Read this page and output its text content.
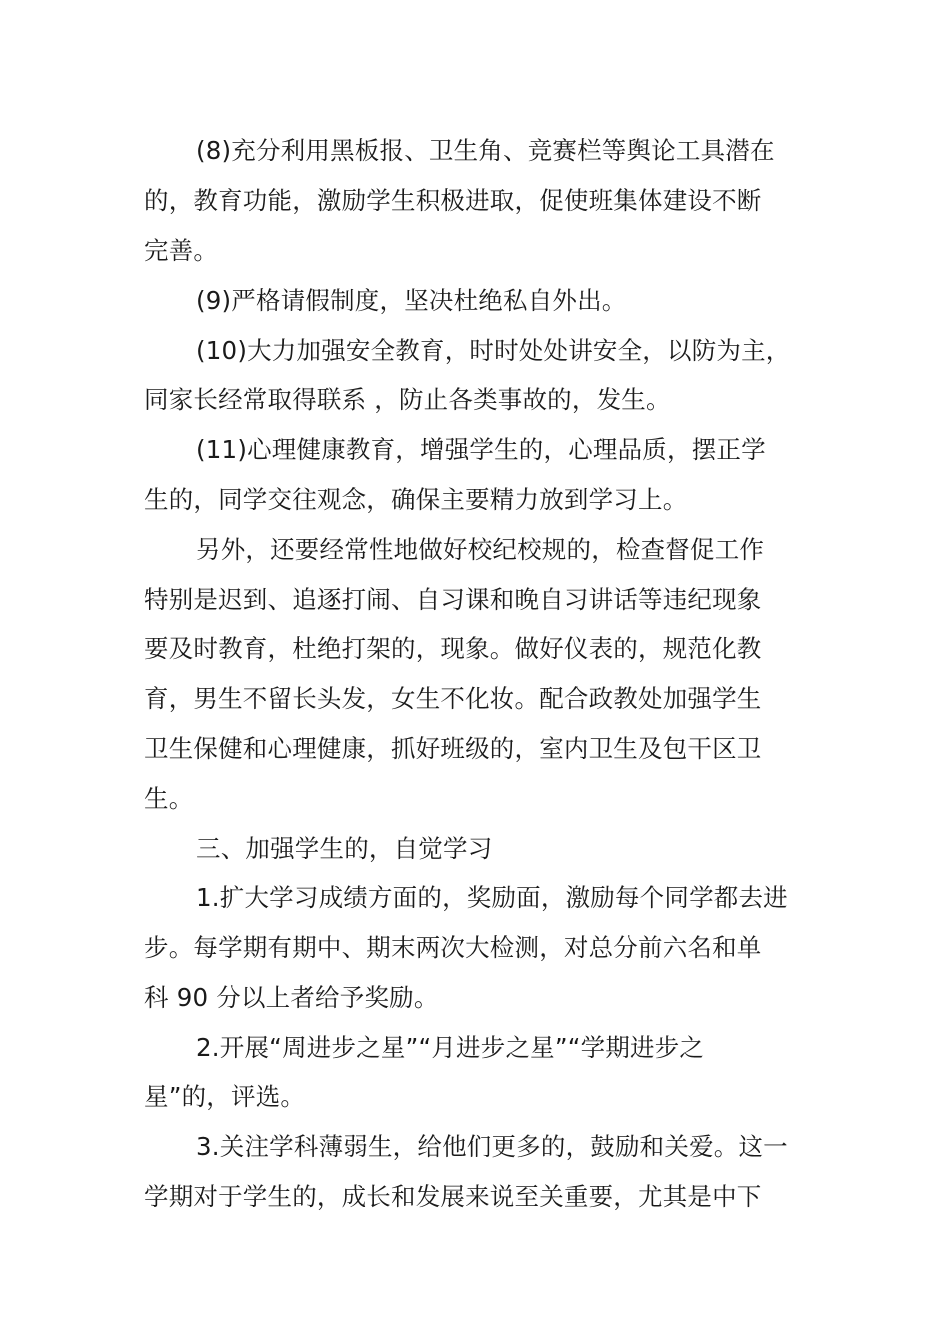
(8)充分利用黑板报、卫生角、竞赛栏等舆论工具潜在
的，教育功能，激励学生积极进取，促使班集体建设不断
完善。
(9)严格请假制度，坚决杜绝私自外出。
(10)大力加强安全教育，时时处处讲安全，以防为主，
同家长经常取得联系 ，防止各类事故的，发生。
(11)心理健康教育，增强学生的，心理品质，摆正学
生的，同学交往观念，确保主要精力放到学习上。
另外，还要经常性地做好校纪校规的，检查督促工作
特别是迟到、追逐打闹、自习课和晚自习讲话等违纪现象
要及时教育，杜绝打架的，现象。做好仪表的，规范化教
育，男生不留长头发，女生不化妆。配合政教处加强学生
卫生保健和心理健康，抓好班级的，室内卫生及包干区卫
生。
三、加强学生的，自觉学习
1.扩大学习成绩方面的，奖励面，激励每个同学都去进
步。每学期有期中、期末两次大检测，对总分前六名和单
科 90 分以上者给予奖励。
2.开展“周进步之星”“月进步之星”“学期进步之
星”的，评选。
3.关注学科薄弱生，给他们更多的，鼓励和关爱。这一
学期对于学生的，成长和发展来说至关重要，尤其是中下
